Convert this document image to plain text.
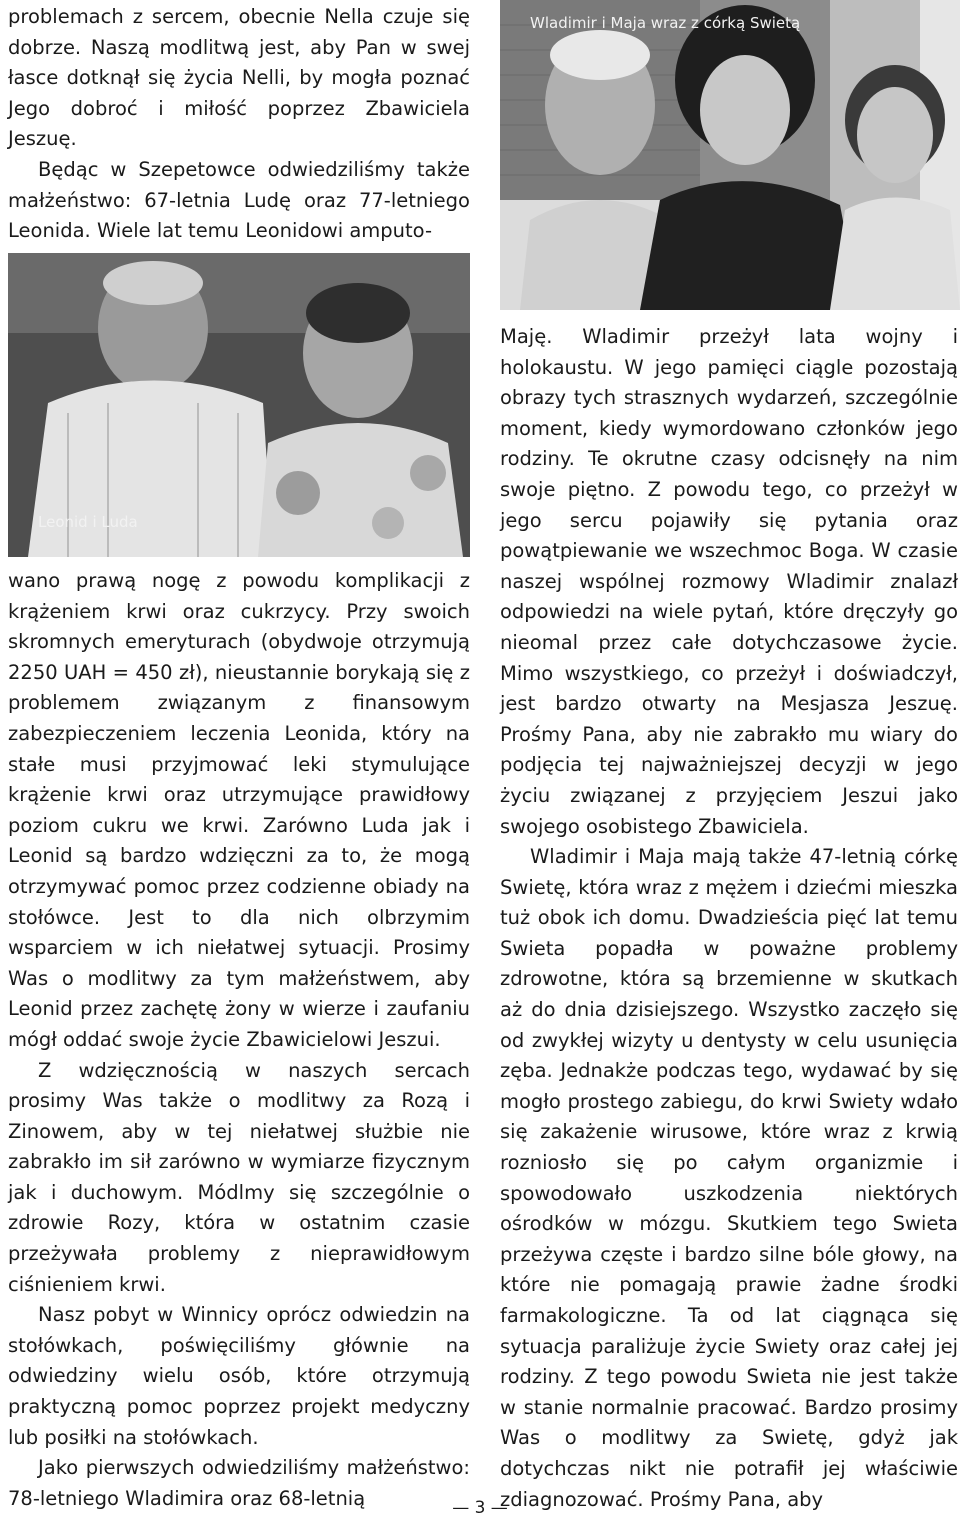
problemach z sercem, obecnie Nella czuje się dobrze. Naszą modlitwą jest, aby Pan w swej łasce dotknął się życia Nelli, by mogła poznać Jego dobroć i miłość poprzez Zbawiciela Jeszuę.

Będąc w Szepetowce odwiedziliśmy także małżeństwo: 67-letnia Ludę oraz 77-letniego Leonida. Wiele lat temu Leonidowi amputo-

Wladimir i Maja wraz z córką Swietą
Leonid i Luda

wano prawą nogę z powodu komplikacji z krążeniem krwi oraz cukrzycy. Przy swoich skromnych emeryturach (obydwoje otrzymują 2250 UAH = 450 zł), nieustannie borykają się z problemem związanym z finansowym zabezpieczeniem leczenia Leonida, który na stałe musi przyjmować leki stymulujące krążenie krwi oraz utrzymujące prawidłowy poziom cukru we krwi. Zarówno Luda jak i Leonid są bardzo wdzięczni za to, że mogą otrzymywać pomoc przez codzienne obiady na stołówce. Jest to dla nich olbrzymim wsparciem w ich niełatwej sytuacji. Prosimy Was o modlitwy za tym małżeństwem, aby Leonid przez zachętę żony w wierze i zaufaniu mógł oddać swoje życie Zbawicielowi Jeszui.

Z wdzięcznością w naszych sercach prosimy Was także o modlitwy za Rozą i Zinowem, aby w tej niełatwej służbie nie zabrakło im sił zarówno w wymiarze fizycznym jak i duchowym. Módlmy się szczególnie o zdrowie Rozy, która w ostatnim czasie przeżywała problemy z nieprawidłowym ciśnieniem krwi.

Nasz pobyt w Winnicy oprócz odwiedzin na stołówkach, poświęciliśmy głównie na odwiedziny wielu osób, które otrzymują praktyczną pomoc poprzez projekt medyczny lub posiłki na stołówkach.

Jako pierwszych odwiedziliśmy małżeństwo: 78-letniego Wladimira oraz 68-letnią

Maję. Wladimir przeżył lata wojny i holokaustu. W jego pamięci ciągle pozostają obrazy tych strasznych wydarzeń, szczególnie moment, kiedy wymordowano członków jego rodziny. Te okrutne czasy odcisnęły na nim swoje piętno. Z powodu tego, co przeżył w jego sercu pojawiły się pytania oraz powątpiewanie we wszechmoc Boga. W czasie naszej wspólnej rozmowy Wladimir znalazł odpowiedzi na wiele pytań, które dręczyły go nieomal przez całe dotychczasowe życie. Mimo wszystkiego, co przeżył i doświadczył, jest bardzo otwarty na Mesjasza Jeszuę. Prośmy Pana, aby nie zabrakło mu wiary do podjęcia tej najważniejszej decyzji w jego życiu związanej z przyjęciem Jeszui jako swojego osobistego Zbawiciela.

Wladimir i Maja mają także 47-letnią córkę Swietę, która wraz z mężem i dziećmi mieszka tuż obok ich domu. Dwadzieścia pięć lat temu Swieta popadła w poważne problemy zdrowotne, która są brzemienne w skutkach aż do dnia dzisiejszego. Wszystko zaczęło się od zwykłej wizyty u dentysty w celu usunięcia zęba. Jednakże podczas tego, wydawać by się mogło prostego zabiegu, do krwi Swiety wdało się zakażenie wirusowe, które wraz z krwią rozniosło się po całym organizmie i spowodowało uszkodzenia niektórych ośrodków w mózgu. Skutkiem tego Swieta przeżywa częste i bardzo silne bóle głowy, na które nie pomagają prawie żadne środki farmakologiczne. Ta od lat ciągnąca się sytuacja paraliżuje życie Swiety oraz całej jej rodziny. Z tego powodu Swieta nie jest także w stanie normalnie pracować. Bardzo prosimy Was o modlitwy za Swietę, gdyż jak dotychczas nikt nie potrafił jej właściwie zdiagnozować. Prośmy Pana, aby

— 3 —
